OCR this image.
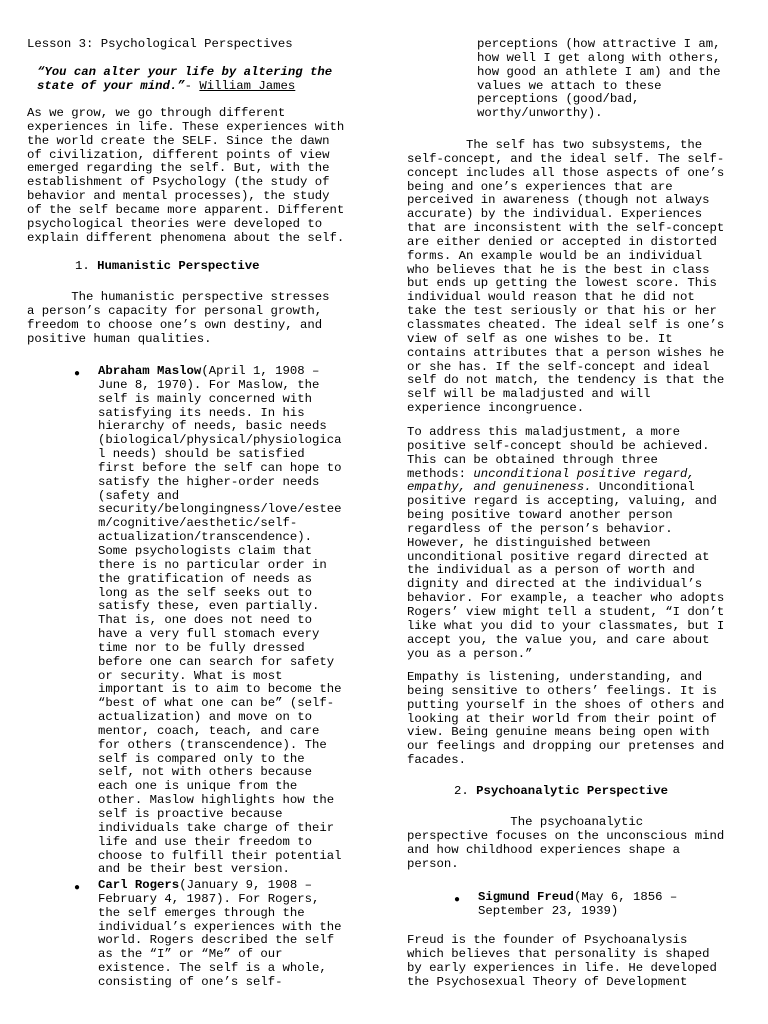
Lesson 3: Psychological Perspectives

“You can alter your life by altering the
state of your mind.”- William James
As we grow, we go through different
experiences in life. These experiences with
the world create the SELF. Since the dawn
of civilization, different points of view
emerged regarding the self. But, with the
establishment of Psychology (the study of
behavior and mental processes), the study
of the self became more apparent. Different
psychological theories were developed to
explain different phenomena about the self.
1. Humanistic Perspective
The humanistic perspective stresses
a person’s capacity for personal growth,
freedom to choose one’s own destiny, and
positive human qualities.
● Abraham Maslow(April 1, 1908 –
June 8, 1970). For Maslow, the
self is mainly concerned with
satisfying its needs. In his
hierarchy of needs, basic needs
(biological/physical/physiologica
l needs) should be satisfied
first before the self can hope to
satisfy the higher-order needs
(safety and
security/belongingness/love/estee
m/cognitive/aesthetic/self-
actualization/transcendence).
Some psychologists claim that
there is no particular order in
the gratification of needs as
long as the self seeks out to
satisfy these, even partially.
That is, one does not need to
have a very full stomach every
time nor to be fully dressed
before one can search for safety
or security. What is most
important is to aim to become the
“best of what one can be” (self-
actualization) and move on to
mentor, coach, teach, and care
for others (transcendence). The
self is compared only to the
self, not with others because
each one is unique from the
other. Maslow highlights how the
self is proactive because
individuals take charge of their
life and use their freedom to
choose to fulfill their potential
and be their best version.
● Carl Rogers(January 9, 1908 –
February 4, 1987). For Rogers,
the self emerges through the
individual’s experiences with the
world. Rogers described the self
as the “I” or “Me” of our
existence. The self is a whole,
consisting of one’s self-
perceptions (how attractive I am,
how well I get along with others,
how good an athlete I am) and the
values we attach to these
perceptions (good/bad,
worthy/unworthy).
The self has two subsystems, the
self-concept, and the ideal self. The self-
concept includes all those aspects of one’s
being and one’s experiences that are
perceived in awareness (though not always
accurate) by the individual. Experiences
that are inconsistent with the self-concept
are either denied or accepted in distorted
forms. An example would be an individual
who believes that he is the best in class
but ends up getting the lowest score. This
individual would reason that he did not
take the test seriously or that his or her
classmates cheated. The ideal self is one’s
view of self as one wishes to be. It
contains attributes that a person wishes he
or she has. If the self-concept and ideal
self do not match, the tendency is that the
self will be maladjusted and will
experience incongruence.
To address this maladjustment, a more
positive self-concept should be achieved.
This can be obtained through three
methods: unconditional positive regard,
empathy, and genuineness. Unconditional
positive regard is accepting, valuing, and
being positive toward another person
regardless of the person’s behavior.
However, he distinguished between
unconditional positive regard directed at
the individual as a person of worth and
dignity and directed at the individual’s
behavior. For example, a teacher who adopts
Rogers’ view might tell a student, “I don’t
like what you did to your classmates, but I
accept you, the value you, and care about
you as a person.”
Empathy is listening, understanding, and
being sensitive to others’ feelings. It is
putting yourself in the shoes of others and
looking at their world from their point of
view. Being genuine means being open with
our feelings and dropping our pretenses and
facades.
2. Psychoanalytic Perspective
The psychoanalytic
perspective focuses on the unconscious mind
and how childhood experiences shape a
person.
● Sigmund Freud(May 6, 1856 –
September 23, 1939)
Freud is the founder of Psychoanalysis
which believes that personality is shaped
by early experiences in life. He developed
the Psychosexual Theory of Development
